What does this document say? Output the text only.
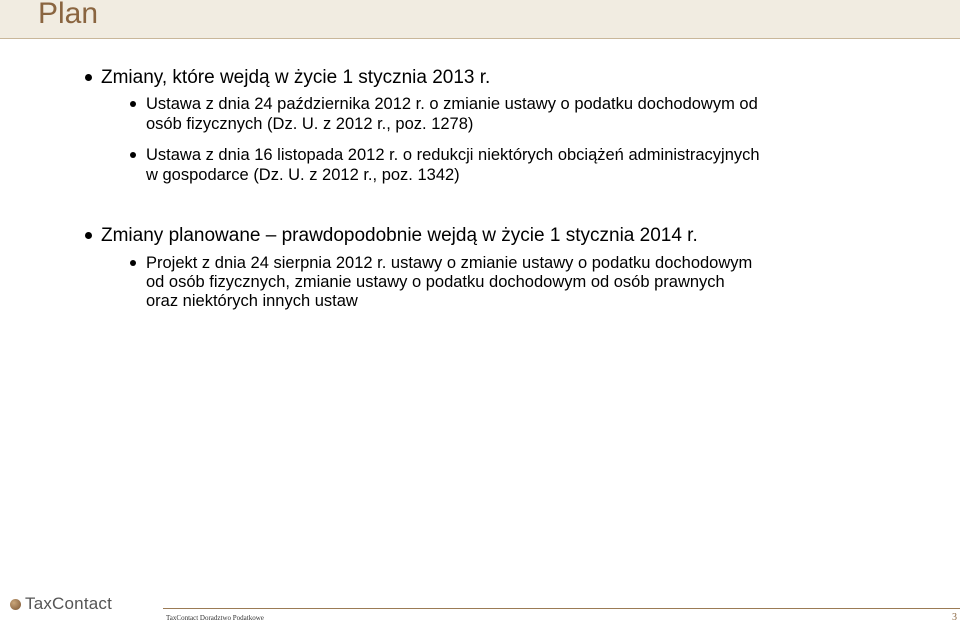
Plan
Zmiany, które wejdą w życie 1 stycznia 2013 r.
Ustawa z dnia 24 października 2012 r. o zmianie ustawy o podatku dochodowym od
osób fizycznych (Dz. U. z 2012 r., poz. 1278)
Ustawa z dnia 16 listopada 2012 r. o redukcji niektórych obciążeń administracyjnych
w gospodarce (Dz. U. z 2012 r., poz. 1342)
Zmiany planowane – prawdopodobnie wejdą w życie 1 stycznia 2014 r.
Projekt z dnia 24 sierpnia 2012 r. ustawy o zmianie ustawy o podatku dochodowym
od osób fizycznych, zmianie ustawy o podatku dochodowym od osób prawnych
oraz niektórych innych ustaw
TaxContact
TaxContact Doradztwo Podatkowe	3
